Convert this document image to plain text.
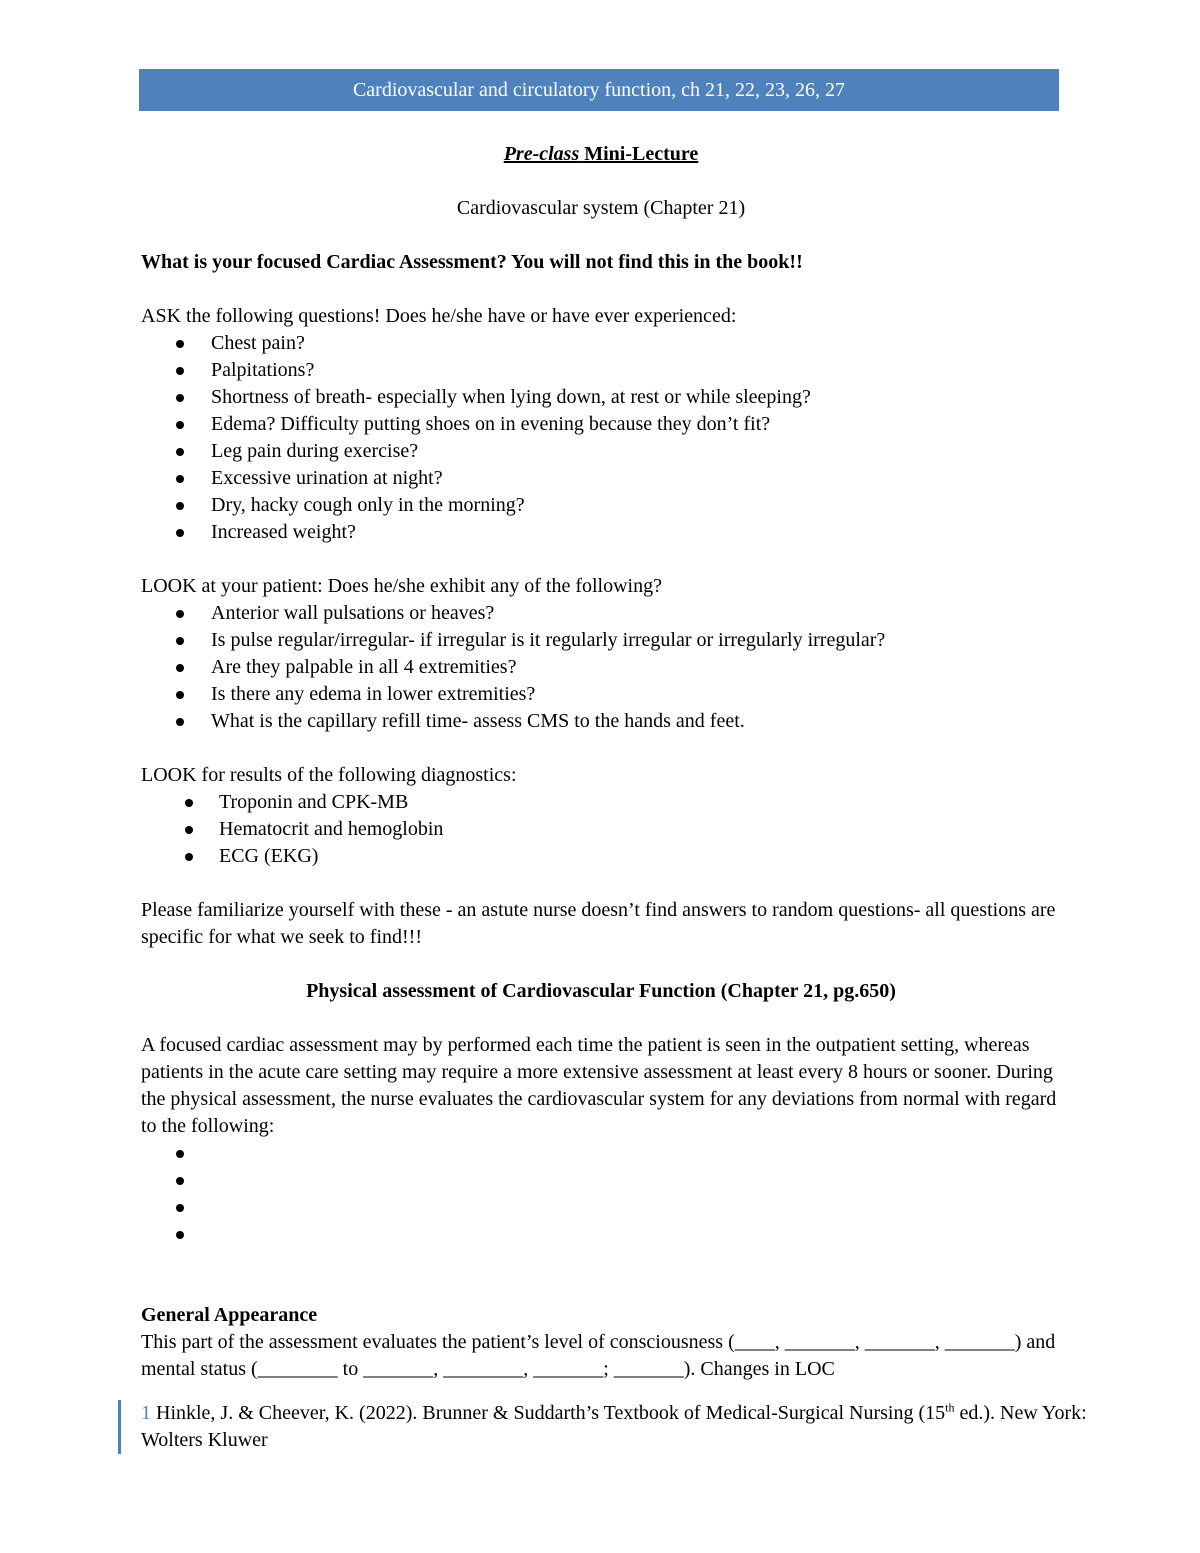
Cardiovascular and circulatory function, ch 21, 22, 23, 26, 27

Pre-class Mini-Lecture

Cardiovascular system (Chapter 21)

What is your focused Cardiac Assessment? You will not find this in the book!!

ASK the following questions! Does he/she have or have ever experienced:

Chest pain?
Palpitations?
Shortness of breath- especially when lying down, at rest or while sleeping?
Edema? Difficulty putting shoes on in evening because they don’t fit?
Leg pain during exercise?
Excessive urination at night?
Dry, hacky cough only in the morning?
Increased weight?

LOOK at your patient: Does he/she exhibit any of the following?

Anterior wall pulsations or heaves?
Is pulse regular/irregular- if irregular is it regularly irregular or irregularly irregular?
Are they palpable in all 4 extremities?
Is there any edema in lower extremities?
What is the capillary refill time- assess CMS to the hands and feet.

LOOK for results of the following diagnostics:

Troponin and CPK-MB
Hematocrit and hemoglobin
ECG (EKG)

Please familiarize yourself with these - an astute nurse doesn’t find answers to random questions- all questions are specific for what we seek to find!!!

Physical assessment of Cardiovascular Function (Chapter 21, pg.650)

A focused cardiac assessment may by performed each time the patient is seen in the outpatient setting, whereas patients in the acute care setting may require a more extensive assessment at least every 8 hours or sooner. During the physical assessment, the nurse evaluates the cardiovascular system for any deviations from normal with regard to the following:

General Appearance

This part of the assessment evaluates the patient’s level of consciousness (____, _______, _______, _______) and mental status (________ to _______, ________, _______; _______). Changes in LOC

1 Hinkle, J. & Cheever, K. (2022). Brunner & Suddarth’s Textbook of Medical-Surgical Nursing (15th ed.). New York: Wolters Kluwer
